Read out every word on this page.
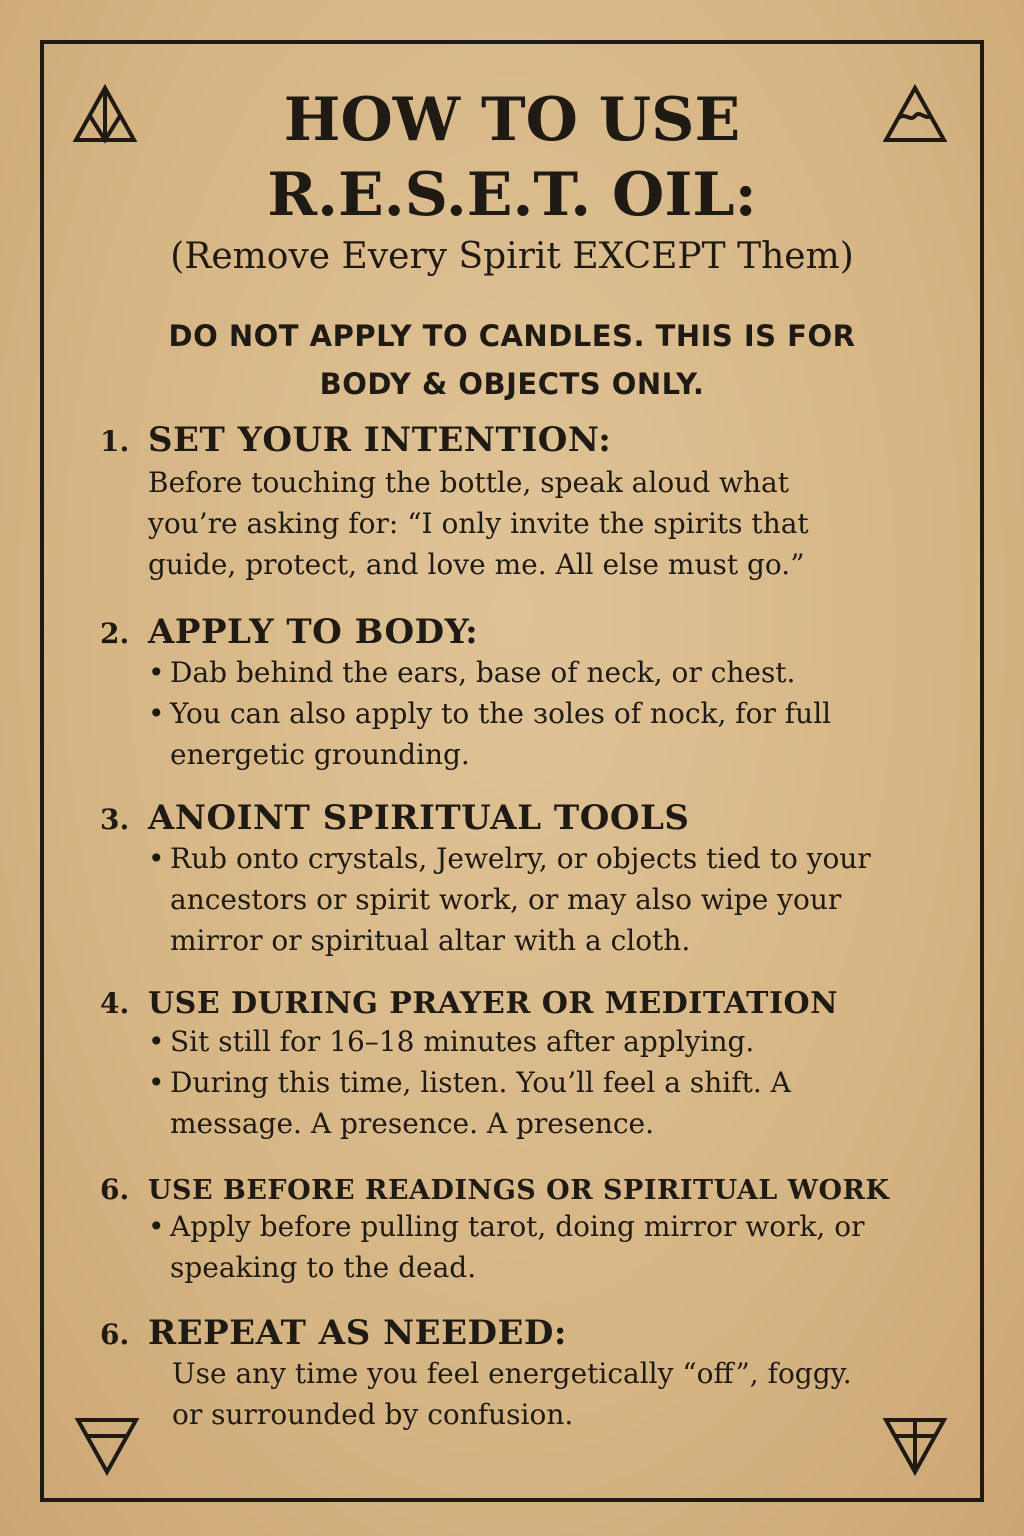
HOW TO USE
R.E.S.E.T. OIL:
(Remove Every Spirit EXCEPT Them)
DO NOT APPLY TO CANDLES. THIS IS FOR
BODY & OBJECTS ONLY.
1. SET YOUR INTENTION:
Before touching the bottle, speak aloud what
you’re asking for: “I only invite the spirits that
guide, protect, and love me. All else must go.”
2. APPLY TO BODY:
• Dab behind the ears, base of neck, or chest.
• You can also apply to the зoles of nock, for full energetic grounding.
3. ANOINT SPIRITUAL TOOLS
• Rub onto crystals, Jewelry, or objects tied to your ancestors or spirit work, or may also wipe your mirror or spiritual altar with a cloth.
4. USE DURING PRAYER OR MEDITATION
• Sit still for 16–18 minutes after applying.
• During this time, listen. You’ll feel a shift. A message. A presence. A presence.
6. USE BEFORE READINGS OR SPIRITUAL WORK
• Apply before pulling tarot, doing mirror work, or speaking to the dead.
6. REPEAT AS NEEDED:
Use any time you feel energetically “off”, foggy.
or surrounded by confusion.
